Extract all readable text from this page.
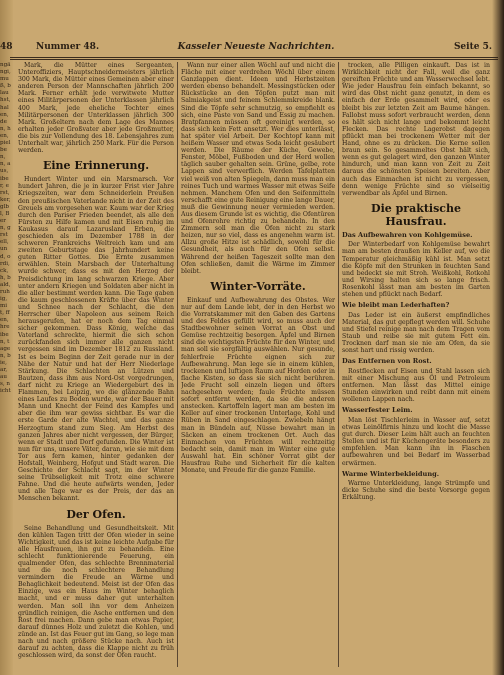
48	Nummer 48.	Kasseler Neueste Nachrichten.	Seite 5.

ngängi, muß, blauhst, halen, den, hen, pielben, n, aus, iber, erst, ker, glbl, Bern, grstell, und, ordi, ck, h, bald, ruhig, mit, ffen, hreiben, tagen, bie, ar, aus, nicht

Mark, die Mütter eines Sergeanten, Unteroffiziers, Hauptschneidermeisters jährlich 300 Mark, die Mütter eines Gemeinen aber einer anderen Person der Mannschaften jährlich 200 Mark. Ferner erhält jede verwitwete Mutter eines Militärpersonen der Unterklassen jährlich 400 Mark, jede eheliche Tochter eines Militärpersonen der Unterklassen jährlich 300 Mark. Großeltern nach dem Lage des Mannes erhalten jeder Großvater aber jede Großmutter, die bis zur Vollendung des 18. Lebensjahres zum Unterhalt war, jährlich 250 Mark. Für die Person werden.

Eine Erinnerung.

Hundert Winter und ein Marsmarsch. Vor hundert Jahren, die je in kurzer Frist vier Jahre Kriegszeiten, war dem Schneiderlein Preußen den preußischen Vaterlande nicht in der Zeit des Greuels am vorgesehen war. Kaum war der Krieg durch den Pariser Frieden beendet, als alle den Fürsten zu Hilfe kamen und mit Eisen ruhig im Kaukasus darauf Lazarusland Erben, die geschieden als im Dezember 1788 in der schweren Frankreichs Weltreich kam und am zweiten Geburtstage das Jahrhundert keine guten Ritter Gottes. Die Ernte zusammen erwählen. Stein Marsbach der Unterhaltung wurde schwer, dass es mit den Herzog der Preisdichtung im lang schwarzen Kriege. Aber unter andern Kriegen und Soldaten aber nicht in die aller bestimmt werden kann. Die Tage gaben die kaum geschlossenen Kräfte über das Winter und Schnee nach der Schlacht, die den Herrscher über Napoleon aus seinem Reich herausgerufen, hat er noch dem Tag einmal sicher gekommen. Dass König, welche das Vaterland schreckte, hiermit die sich schon zurückfanden sich immer alle ganzen nicht vergessen sind im Dezember 1812 zu Russland. Ist es beim Beginn der Zeit gerade nur in der Nähe der Natur und hat der Herr Niederlage Stärkung. Die Schlachten an Lützen und Bautzen, dass ihm aus Nord-Ost vorgedrungen, darf nicht zu Kriege an Wiedergeburt des in Flammen, bei Leipzig, wo die glänzende Bahn eines Laufes zu Boden wurde, war der Bauer mit Mann und Knecht der Feind des Kampfes und aber die ihm war gewiss sichtbar. Es war die erste Garde der alte Wachtel, und das ganze Herzogtum stand zum Sieg. Am Herbst des ganzen Jahres aber nicht vergessen, der Bürger, wenn er Stadt und Dorf gefunden. Die Winter ist nun für uns, unsere Väter, daran, wie sie mit dem Tor aus fern kamen, hinter gedanken der Hofstall, Weinberg, Hofgut und Stadt waren. Die Geschichte der Schlacht sagt, im der Winter seine Trübseligkeit mit Trotz eine schwere Fahne. Und die heute aufwärts wenden, Jeder und alle Tage war es der Preis, der das an Menschen bekannt.

Der Ofen.

Seine Behandlung und Gesundheitskeit. Mit den kühlen Tagen tritt der Ofen wieder in seine Wichtigkeit, und das ist keine leichte Aufgabe für alle Hausfrauen, ihn gut zu behandeln. Eine schlecht funktionierende Feuerung, ein qualmender Ofen, das schlechte Brennmaterial und die noch schlechtere Behandlung vermindern die Freude an Wärme und Behaglichkeit bedeutend. Meist ist der Ofen das Einzige, was ein Haus im Winter behaglich macht, und er muss daher gut unterhalten werden. Man soll ihn vor dem Anheizen gründlich reinigen, die Asche entfernen und den Rost frei machen. Dann gebe man etwas Papier, darauf dünnes Holz und zuletzt die Kohlen, und zünde an. Ist das Feuer gut im Gang, so lege man nach und nach größere Stücke nach. Auch ist darauf zu achten, dass die Klappe nicht zu früh geschlossen wird, da sonst der Ofen raucht.

Wann nur einer allen Wöchl auf und nicht die Fläche mit einer verdrehen Wöchl über einem Ganzlappen dient. Ideen und Herbstzeiten werden ebenso behandelt. Messingstücken oder Rückstücke an den Töpfen putzt man mit Salmiakgeist und feinem Schlemmkreide blank. Sind die Töpfe sehr schmutzig, so empfiehlt es sich, eine Paste von Sand und Essig zu machen. Bratpfannen müssen oft gereinigt werden, so dass sich kein Fett ansetzt. Wer dies unterlässt, hat später viel Arbeit. Der Kochtopf kann mit heißem Wasser und etwas Soda leicht gesäubert werden. Die Räume der Küche, Gewebe, Fenster, Möbel, Fußboden und der Herd wollen täglich sauber gehalten sein. Grüne, gelbe, rote Lappen sind verwerflich. Werden Tafelplatten viel weiß von alten Spiegeln, dann muss man ein reines Tuch und warmes Wasser mit etwas Seife nehmen. Manchem Ofen und den Seifenmitteln verschafft eine gute Reinigung eine lange Dauer, muß die Gewinnung neuer vermieden werden. Aus diesem Grunde ist es wichtig, die Ofentüren und Ofenrohre richtig zu behandeln. In den Zimmern soll man die Öfen nicht zu stark heizen, nur so viel, dass es angenehm warm ist. Allzu große Hitze ist schädlich, sowohl für die Gesundheit, als auch für den Ofen selbst. Während der heißen Tageszeit sollte man den Ofen schließen, damit die Wärme im Zimmer bleibt.

Winter-Vorräte.

Einkauf und Aufbewahrung des Obstes. Wer nur auf dem Lande lebt, der in den Herbst wo die Vorratskammer mit den Gaben des Gartens und des Feldes gefüllt wird, so muss auch der Stadtbewohner seinen Vorrat an Obst und Gemüse rechtzeitig besorgen. Äpfel und Birnen sind die wichtigsten Früchte für den Winter, und man soll sie sorgfältig auswählen. Nur gesunde, fehlerfreie Früchte eignen sich zur Aufbewahrung. Man lege sie in einem kühlen, trockenen und luftigen Raum auf Horden oder in flache Kisten, so dass sie sich nicht berühren. Jede Frucht soll einzeln liegen und öfters nachgesehen werden; faule Früchte müssen sofort entfernt werden, da sie die anderen anstecken. Kartoffeln lagert man am besten im Keller auf einer trockenen Unterlage, Kohl und Rüben in Sand eingeschlagen. Zwiebeln hängt man in Bündeln auf, Nüsse bewahrt man in Säcken an einem trockenen Ort. Auch das Einmachen von Früchten will rechtzeitig bedacht sein, damit man im Winter eine gute Auswahl hat. Ein schöner Vorrat gibt der Hausfrau Ruhe und Sicherheit für die kalten Monate, und Freude für die ganze Familie.

trocken, alle Pilligen einkauft. Das ist in Wirklichkeit nicht der Fall, weil die ganz gereiften Früchte und am Wasserwechsel lebt. Wie jeder Hausfrau fein einfach bekannt, so wird das Obst nicht ganz genutzt, in dem es einfach der Erde gesammelt wird, oder es bleibt bis zur letzten Zeit am Baume hängen. Fallobst muss sofort verbraucht werden, denn es hält sich nicht lange und bekommt leicht Flecken. Das rechte Lagerobst dagegen pflückt man bei trockenem Wetter mit der Hand, ohne es zu drücken. Die Kerne sollen braun sein. So gesammeltes Obst hält sich, wenn es gut gelagert wird, den ganzen Winter hindurch, und man kann von Zeit zu Zeit daraus die schönsten Speisen bereiten. Aber auch das Einmachen ist nicht zu vergessen, denn wenige Früchte sind so vielseitig verwendbar als Äpfel und Birnen.

Die praktische Hausfrau.
Das Aufbewahren von Kohlgemüse.

Der Winterbedarf von Kohlgemüse bewahrt man am besten draußen im Keller auf, wo die Temperatur gleichmäßig kühl ist. Man setzt die Köpfe mit den Strunken in feuchten Sand und bedeckt sie mit Stroh. Weißkohl, Rotkohl und Wirsing halten sich so lange frisch. Rosenkohl lässt man am besten im Garten stehen und pflückt nach Bedarf.

Wie bleibt man Lederhaften?

Das Leder ist ein äußerst empfindliches Material, das gut gepflegt werden will. Schuhe und Stiefel reinige man nach dem Tragen vom Staub und reibe sie mit gutem Fett ein. Trocknen darf man sie nie am Ofen, da sie sonst hart und rissig werden.

Das Entfernen von Rost.

Rostflecken auf Eisen und Stahl lassen sich mit einer Mischung aus Öl und Petroleum entfernen. Man lässt das Mittel einige Stunden einwirken und reibt dann mit einem wollenen Lappen nach.

Wasserfester Leim.

Man löst Tischlerleim in Wasser auf, setzt etwas Leinölfirnis hinzu und kocht die Masse gut durch. Dieser Leim hält auch an feuchten Stellen und ist für Küchengeräte besonders zu empfehlen. Man kann ihn in Flaschen aufbewahren und bei Bedarf im Wasserbad erwärmen.

Warme Winterbekleidung.

Warme Unterkleidung, lange Strümpfe und dicke Schuhe sind die beste Vorsorge gegen Erkältung.
